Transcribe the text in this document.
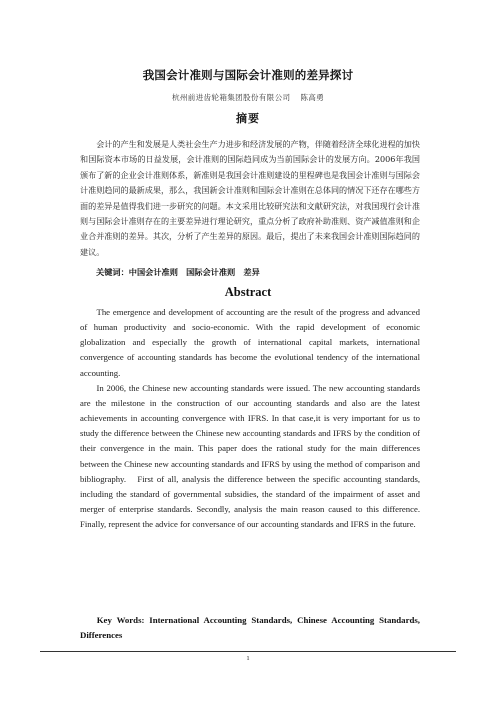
我国会计准则与国际会计准则的差异探讨
杭州前进齿轮箱集团股份有限公司 陈高勇
摘要

会计的产生和发展是人类社会生产力进步和经济发展的产物，伴随着经济全球化进程的加快和国际资本市场的日益发展，会计准则的国际趋同成为当前国际会计的发展方向。2006年我国颁布了新的企业会计准则体系，新准则是我国会计准则建设的里程碑也是我国会计准则与国际会计准则趋同的最新成果，那么，我国新会计准则和国际会计准则在总体同的情况下还存在哪些方面的差异是值得我们进一步研究的问题。本文采用比较研究法和文献研究法，对我国现行会计准则与国际会计准则存在的主要差异进行理论研究，重点分析了政府补助准则、资产减值准则和企业合并准则的差异。其次，分析了产生差异的原因。最后，提出了未来我国会计准则国际趋同的建议。

关键词：中国会计准则　国际会计准则　差异
Abstract

The emergence and development of accounting are the result of the progress and advanced of human productivity and socio-economic. With the rapid development of economic globalization and especially the growth of international capital markets, international convergence of accounting standards has become the evolutional tendency of the international accounting.

In 2006, the Chinese new accounting standards were issued. The new accounting standards are the milestone in the construction of our accounting standards and also are the latest achievements in accounting convergence with IFRS. In that case,it is very important for us to study the difference between the Chinese new accounting standards and IFRS by the condition of their convergence in the main. This paper does the rational study for the main differences between the Chinese new accounting standards and IFRS by using the method of comparison and bibliography.　First of all, analysis the difference between the specific accounting standards, including the standard of governmental subsidies, the standard of the impairment of asset and merger of enterprise standards. Secondly, analysis the main reason caused to this difference. Finally, represent the advice for conversance of our accounting standards and IFRS in the future.

Key Words: International Accounting Standards, Chinese Accounting Standards, Differences
1
